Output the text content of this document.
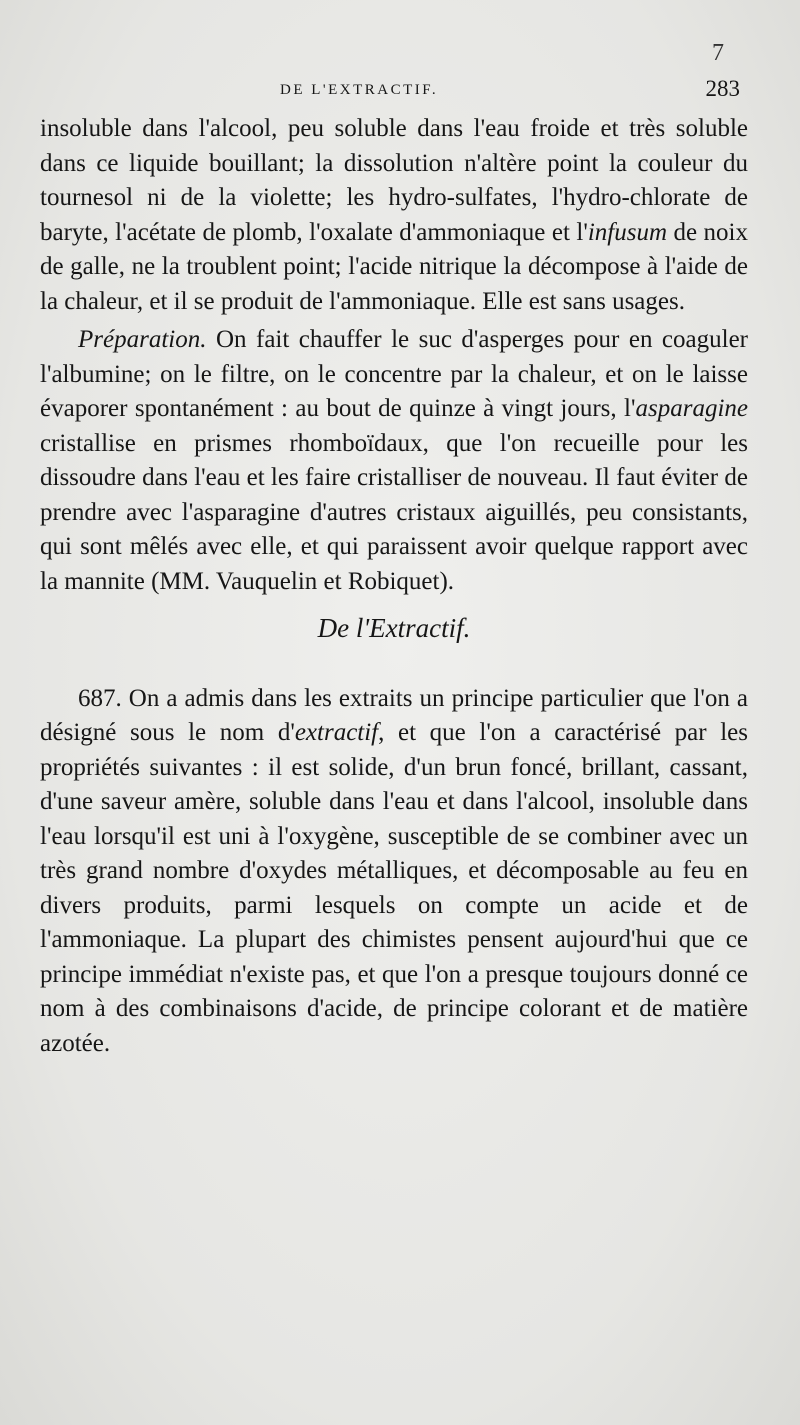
7
DE L'EXTRACTIF.	283

insoluble dans l'alcool, peu soluble dans l'eau froide et très soluble dans ce liquide bouillant; la dissolution n'altère point la couleur du tournesol ni de la violette; les hydro-sulfates, l'hydro-chlorate de baryte, l'acétate de plomb, l'oxalate d'ammoniaque et l'infusum de noix de galle, ne la troublent point; l'acide nitrique la décompose à l'aide de la chaleur, et il se produit de l'ammoniaque. Elle est sans usages.

Préparation. On fait chauffer le suc d'asperges pour en coaguler l'albumine; on le filtre, on le concentre par la chaleur, et on le laisse évaporer spontanément : au bout de quinze à vingt jours, l'asparagine cristallise en prismes rhomboïdaux, que l'on recueille pour les dissoudre dans l'eau et les faire cristalliser de nouveau. Il faut éviter de prendre avec l'asparagine d'autres cristaux aiguillés, peu consistants, qui sont mêlés avec elle, et qui paraissent avoir quelque rapport avec la mannite (MM. Vauquelin et Robiquet).

De l'Extractif.

687. On a admis dans les extraits un principe particulier que l'on a désigné sous le nom d'extractif, et que l'on a caractérisé par les propriétés suivantes : il est solide, d'un brun foncé, brillant, cassant, d'une saveur amère, soluble dans l'eau et dans l'alcool, insoluble dans l'eau lorsqu'il est uni à l'oxygène, susceptible de se combiner avec un très grand nombre d'oxydes métalliques, et décomposable au feu en divers produits, parmi lesquels on compte un acide et de l'ammoniaque. La plupart des chimistes pensent aujourd'hui que ce principe immédiat n'existe pas, et que l'on a presque toujours donné ce nom à des combinaisons d'acide, de principe colorant et de matière azotée.
